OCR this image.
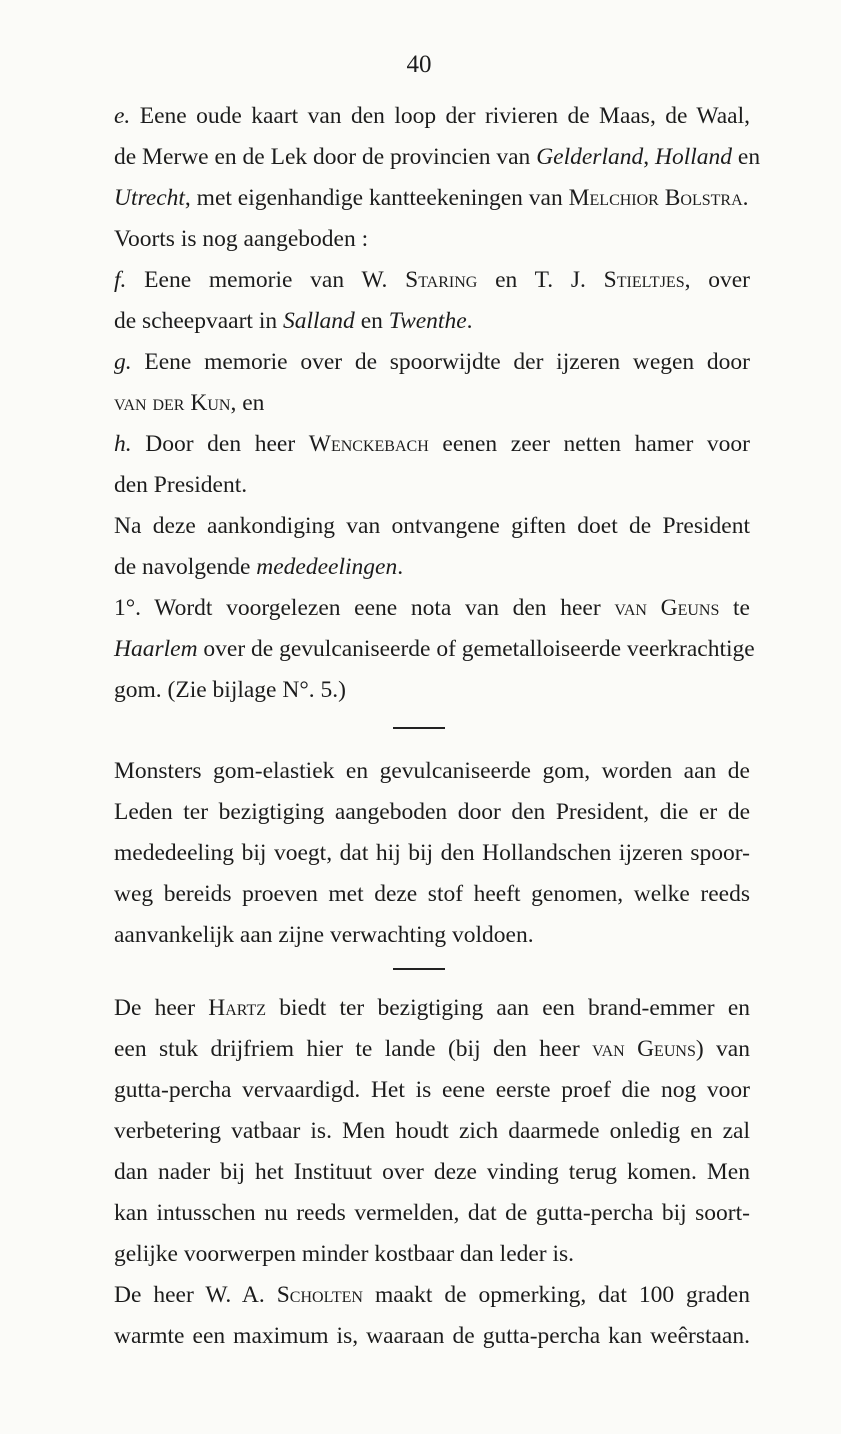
40

e. Eene oude kaart van den loop der rivieren de Maas, de Waal,
de Merwe en de Lek door de provincien van Gelderland, Holland en
Utrecht, met eigenhandige kantteekeningen van Melchior Bolstra.

Voorts is nog aangeboden :

f. Eene memorie van W. Staring en T. J. Stieltjes, over
de scheepvaart in Salland en Twenthe.

g. Eene memorie over de spoorwijdte der ijzeren wegen door
van der Kun, en

h. Door den heer Wenckebach eenen zeer netten hamer voor
den President.

Na deze aankondiging van ontvangene giften doet de President
de navolgende mededeelingen.

1°. Wordt voorgelezen eene nota van den heer van Geuns te
Haarlem over de gevulcaniseerde of gemetalloiseerde veerkrachtige
gom. (Zie bijlage N°. 5.)

Monsters gom-elastiek en gevulcaniseerde gom, worden aan de
Leden ter bezigtiging aangeboden door den President, die er de
mededeeling bij voegt, dat hij bij den Hollandschen ijzeren spoor-
weg bereids proeven met deze stof heeft genomen, welke reeds
aanvankelijk aan zijne verwachting voldoen.

De heer Hartz biedt ter bezigtiging aan een brand-emmer en
een stuk drijfriem hier te lande (bij den heer van Geuns) van
gutta-percha vervaardigd. Het is eene eerste proef die nog voor
verbetering vatbaar is. Men houdt zich daarmede onledig en zal
dan nader bij het Instituut over deze vinding terug komen. Men
kan intusschen nu reeds vermelden, dat de gutta-percha bij soort-
gelijke voorwerpen minder kostbaar dan leder is.

De heer W. A. Scholten maakt de opmerking, dat 100 graden
warmte een maximum is, waaraan de gutta-percha kan weêrstaan.
